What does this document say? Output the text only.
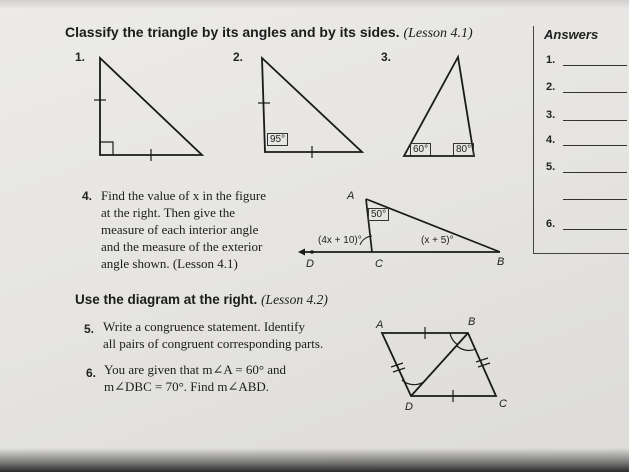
Classify the triangle by its angles and by its sides. (Lesson 4.1)
1.	2.	3.
95°
60°	80°
Answers
1.
2.
3.
4.
5.
6.
4. Find the value of x in the figure
at the right. Then give the
measure of each interior angle
and the measure of the exterior
angle shown. (Lesson 4.1)
A
50°
(4x + 10)°	(x + 5)°
D	C	B
Use the diagram at the right. (Lesson 4.2)
5. Write a congruence statement. Identify
all pairs of congruent corresponding parts.
6. You are given that m∠A = 60° and
m∠DBC = 70°. Find m∠ABD.
A	B
C
D
